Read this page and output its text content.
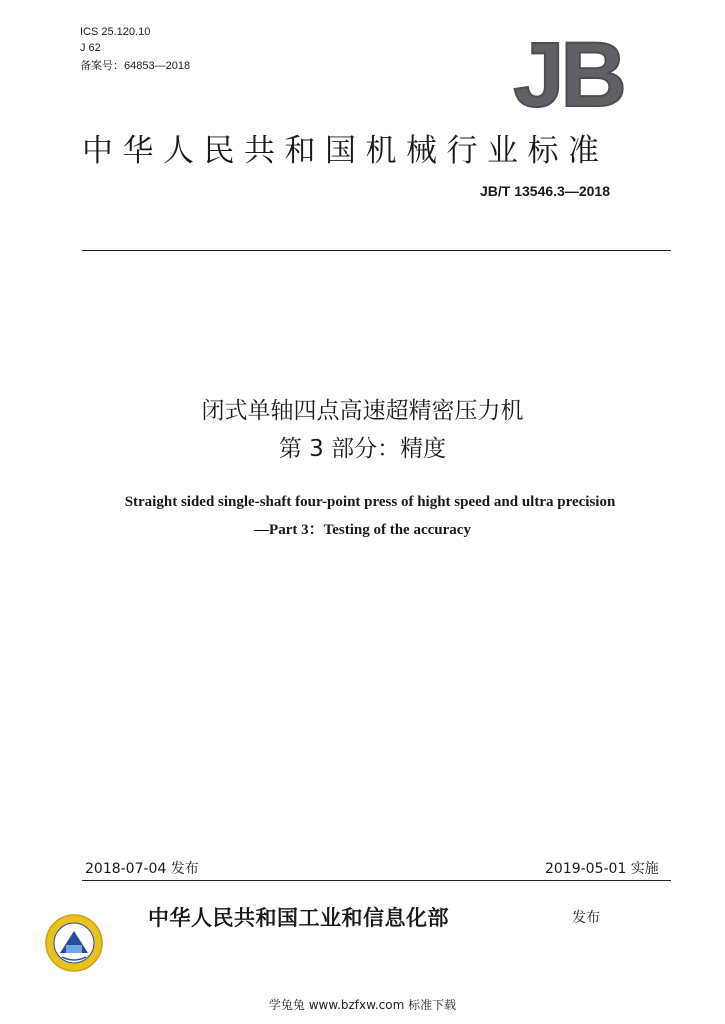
ICS 25.120.10
J 62
备案号：64853—2018	JB
中华人民共和国机械行业标准
JB/T 13546.3—2018
闭式单轴四点高速超精密压力机
第 3 部分：精度
Straight sided single-shaft four-point press of hight speed and ultra precision
—Part 3：Testing of the accuracy
2018-07-04 发布	2019-05-01 实施
中华人民共和国工业和信息化部	发布
学兔兔 www.bzfxw.com 标准下载
